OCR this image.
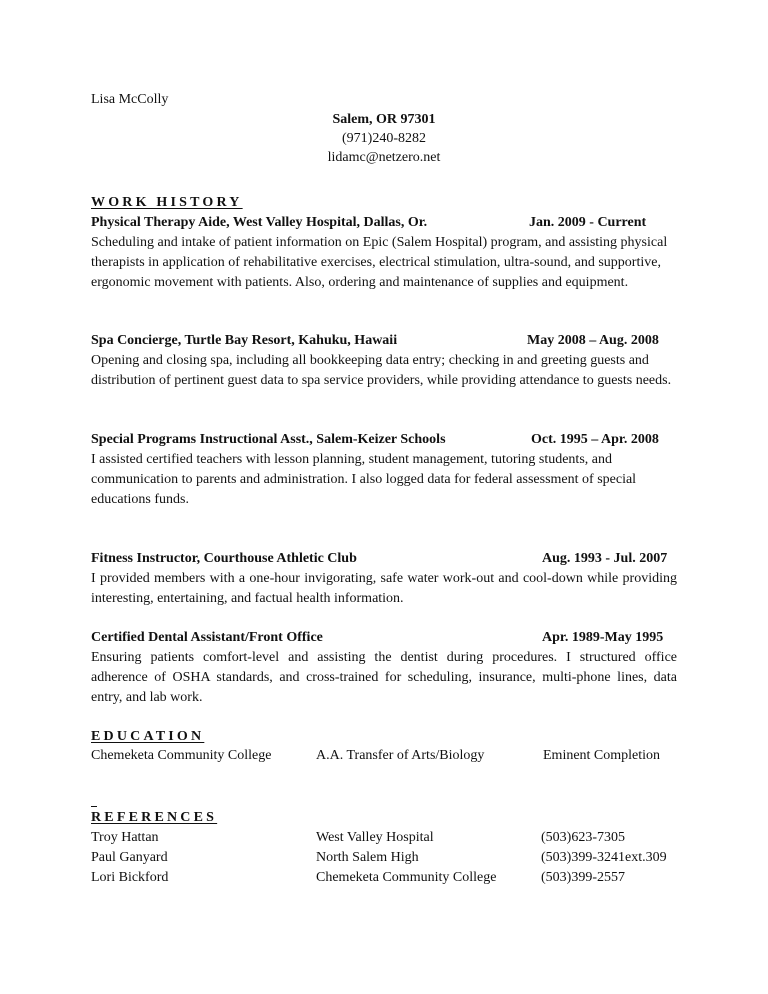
Lisa McColly
Salem, OR 97301
(971)240-8282
lidamc@netzero.net
WORK HISTORY
Physical Therapy Aide, West Valley Hospital, Dallas, Or.	Jan. 2009 - Current
Scheduling and intake of patient information on Epic (Salem Hospital) program, and assisting physical therapists in application of rehabilitative exercises, electrical stimulation, ultra-sound, and supportive, ergonomic movement with patients. Also, ordering and maintenance of supplies and equipment.
Spa Concierge, Turtle Bay Resort, Kahuku, Hawaii	May 2008 – Aug. 2008
Opening and closing spa, including all bookkeeping data entry; checking in and greeting guests and distribution of pertinent guest data to spa service providers, while providing attendance to guests needs.
Special Programs Instructional Asst., Salem-Keizer Schools	Oct. 1995 – Apr. 2008
I assisted certified teachers with lesson planning, student management, tutoring students, and communication to parents and administration. I also logged data for federal assessment of special educations funds.
Fitness Instructor, Courthouse Athletic Club	Aug. 1993 - Jul. 2007
I provided members with a one-hour invigorating, safe water work-out and cool-down while providing interesting, entertaining, and factual health information.
Certified Dental Assistant/Front Office	Apr. 1989-May 1995
Ensuring patients comfort-level and assisting the dentist during procedures. I structured office adherence of OSHA standards, and cross-trained for scheduling, insurance, multi-phone lines, data entry, and lab work.
EDUCATION
Chemeketa Community College	A.A. Transfer of Arts/Biology	Eminent Completion
REFERENCES
Troy Hattan	West Valley Hospital	(503)623-7305
Paul Ganyard	North Salem High	(503)399-3241ext.309
Lori Bickford	Chemeketa Community College	(503)399-2557
